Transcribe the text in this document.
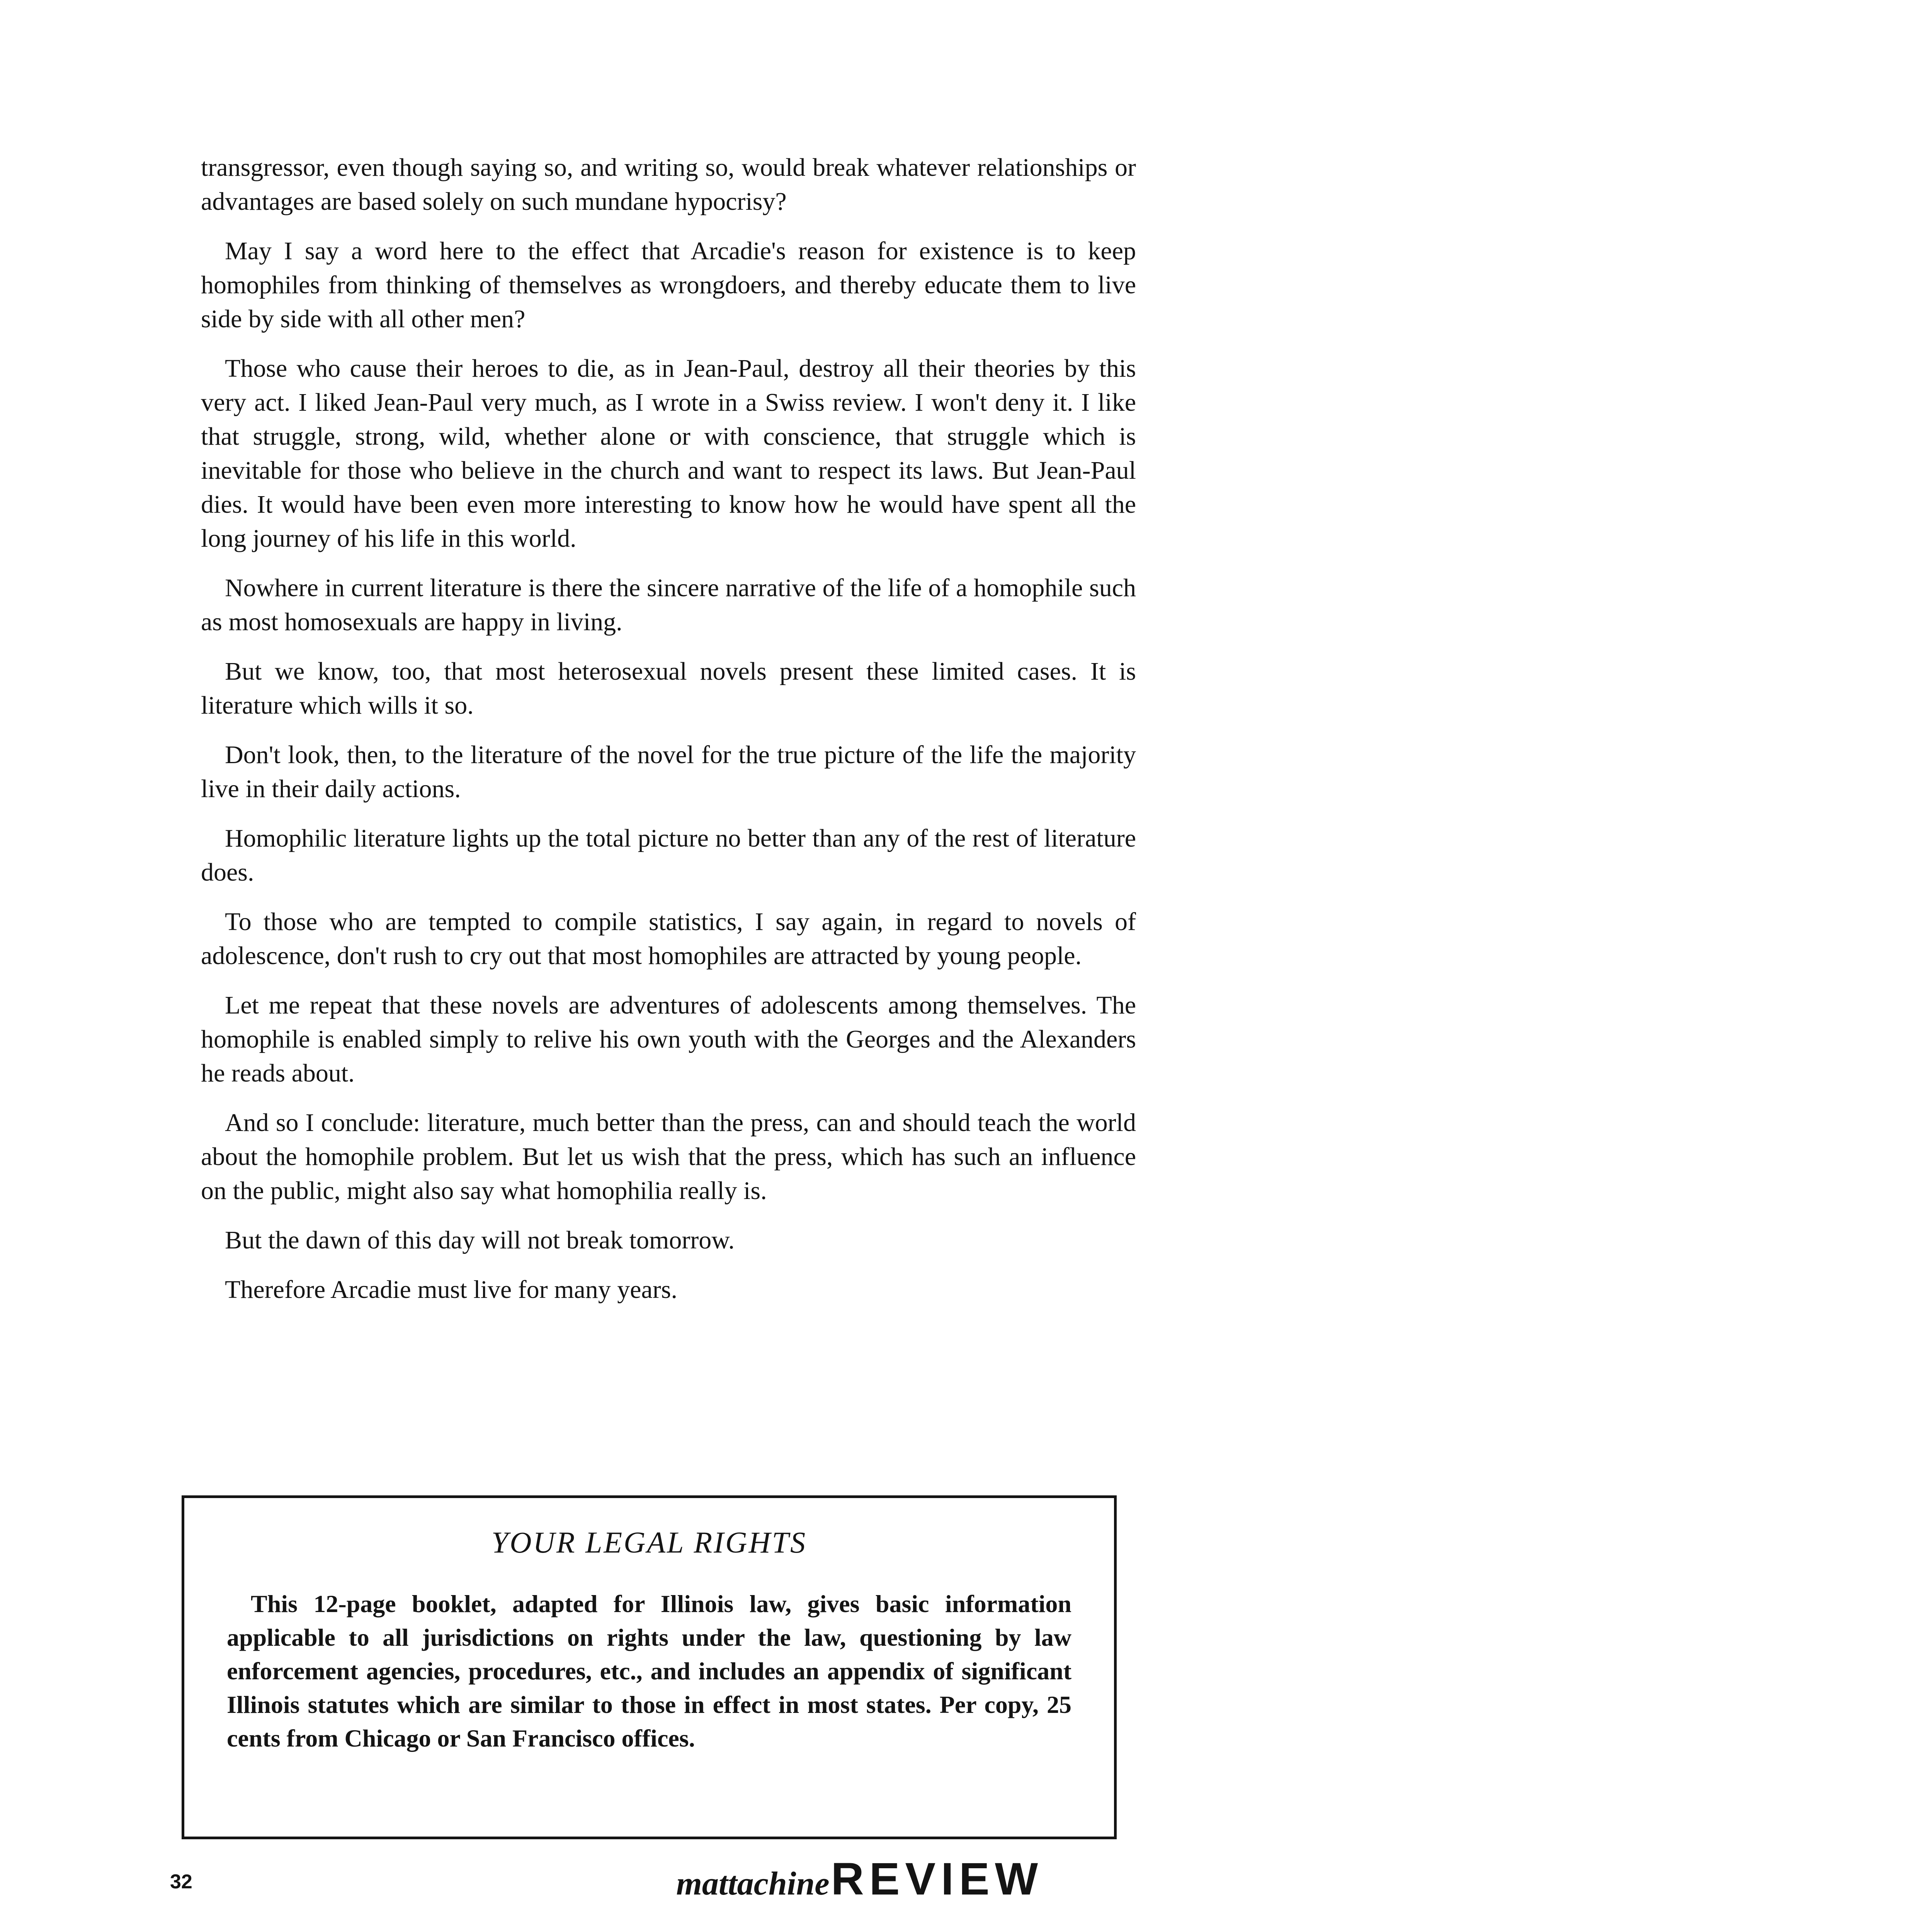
transgressor, even though saying so, and writing so, would break whatever relationships or advantages are based solely on such mundane hypocrisy?

May I say a word here to the effect that Arcadie's reason for existence is to keep homophiles from thinking of themselves as wrongdoers, and thereby educate them to live side by side with all other men?

Those who cause their heroes to die, as in Jean-Paul, destroy all their theories by this very act. I liked Jean-Paul very much, as I wrote in a Swiss review. I won't deny it. I like that struggle, strong, wild, whether alone or with conscience, that struggle which is inevitable for those who believe in the church and want to respect its laws. But Jean-Paul dies. It would have been even more interesting to know how he would have spent all the long journey of his life in this world.

Nowhere in current literature is there the sincere narrative of the life of a homophile such as most homosexuals are happy in living.

But we know, too, that most heterosexual novels present these limited cases. It is literature which wills it so.

Don't look, then, to the literature of the novel for the true picture of the life the majority live in their daily actions.

Homophilic literature lights up the total picture no better than any of the rest of literature does.

To those who are tempted to compile statistics, I say again, in regard to novels of adolescence, don't rush to cry out that most homophiles are attracted by young people.

Let me repeat that these novels are adventures of adolescents among themselves. The homophile is enabled simply to relive his own youth with the Georges and the Alexanders he reads about.

And so I conclude: literature, much better than the press, can and should teach the world about the homophile problem. But let us wish that the press, which has such an influence on the public, might also say what homophilia really is.

But the dawn of this day will not break tomorrow.

Therefore Arcadie must live for many years.

YOUR LEGAL RIGHTS

This 12-page booklet, adapted for Illinois law, gives basic information applicable to all jurisdictions on rights under the law, questioning by law enforcement agencies, procedures, etc., and includes an appendix of significant Illinois statutes which are similar to those in effect in most states. Per copy, 25 cents from Chicago or San Francisco offices.

32	mattachine REVIEW
